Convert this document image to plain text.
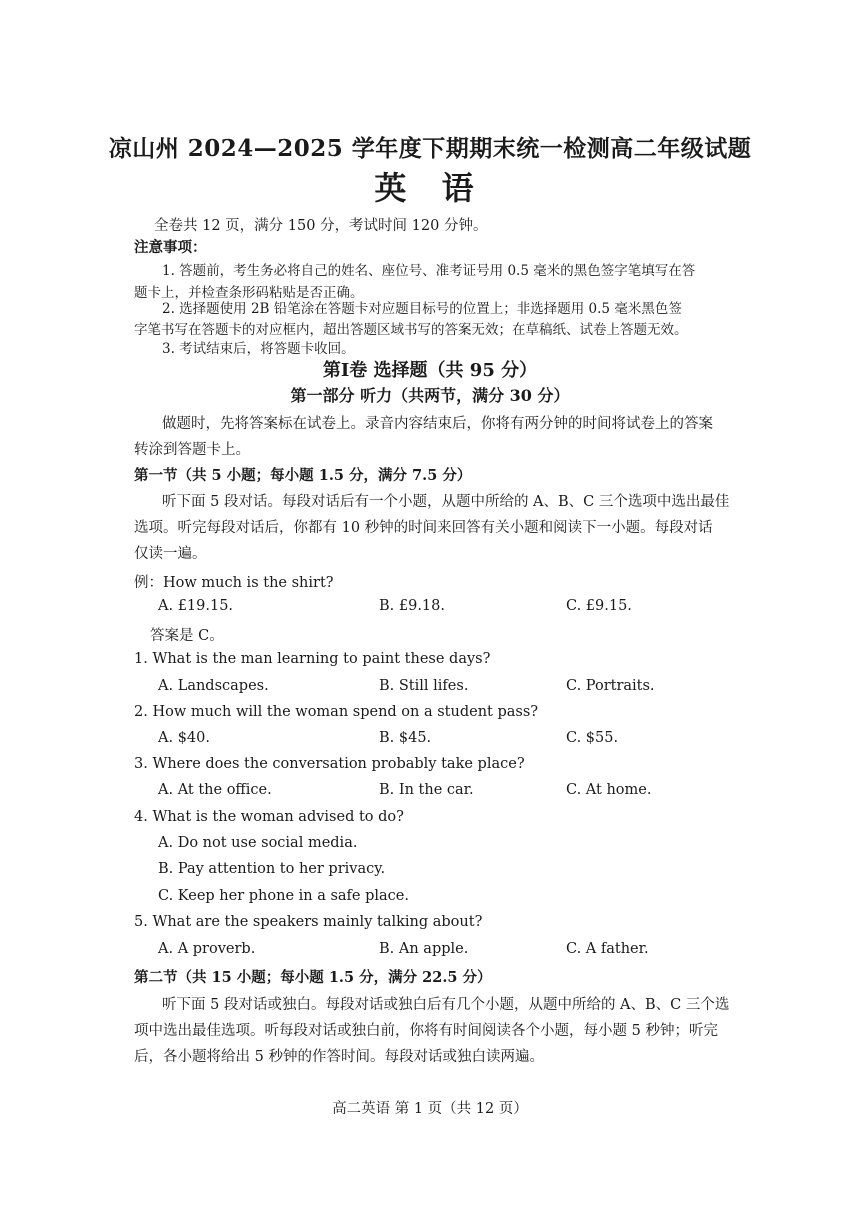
凉山州 2024—2025 学年度下期期末统一检测高二年级试题
英 语
全卷共 12 页，满分 150 分，考试时间 120 分钟。
注意事项：
1. 答题前，考生务必将自己的姓名、座位号、准考证号用 0.5 毫米的黑色签字笔填写在答
题卡上，并检查条形码粘贴是否正确。
2. 选择题使用 2B 铅笔涂在答题卡对应题目标号的位置上；非选择题用 0.5 毫米黑色签
字笔书写在答题卡的对应框内，超出答题区域书写的答案无效；在草稿纸、试卷上答题无效。
3. 考试结束后，将答题卡收回。
第Ⅰ卷 选择题（共 95 分）
第一部分 听力（共两节，满分 30 分）
做题时，先将答案标在试卷上。录音内容结束后，你将有两分钟的时间将试卷上的答案
转涂到答题卡上。
第一节（共 5 小题；每小题 1.5 分，满分 7.5 分）
听下面 5 段对话。每段对话后有一个小题，从题中所给的 A、B、C 三个选项中选出最佳
选项。听完每段对话后，你都有 10 秒钟的时间来回答有关小题和阅读下一小题。每段对话
仅读一遍。
例：How much is the shirt?
A. £19.15.	B. £9.18.	C. £9.15.
答案是 C。
1. What is the man learning to paint these days?
A. Landscapes.	B. Still lifes.	C. Portraits.
2. How much will the woman spend on a student pass?
A. $40.	B. $45.	C. $55.
3. Where does the conversation probably take place?
A. At the office.	B. In the car.	C. At home.
4. What is the woman advised to do?
A. Do not use social media.
B. Pay attention to her privacy.
C. Keep her phone in a safe place.
5. What are the speakers mainly talking about?
A. A proverb.	B. An apple.	C. A father.
第二节（共 15 小题；每小题 1.5 分，满分 22.5 分）
听下面 5 段对话或独白。每段对话或独白后有几个小题，从题中所给的 A、B、C 三个选
项中选出最佳选项。听每段对话或独白前，你将有时间阅读各个小题，每小题 5 秒钟；听完
后，各小题将给出 5 秒钟的作答时间。每段对话或独白读两遍。
高二英语 第 1 页（共 12 页）
